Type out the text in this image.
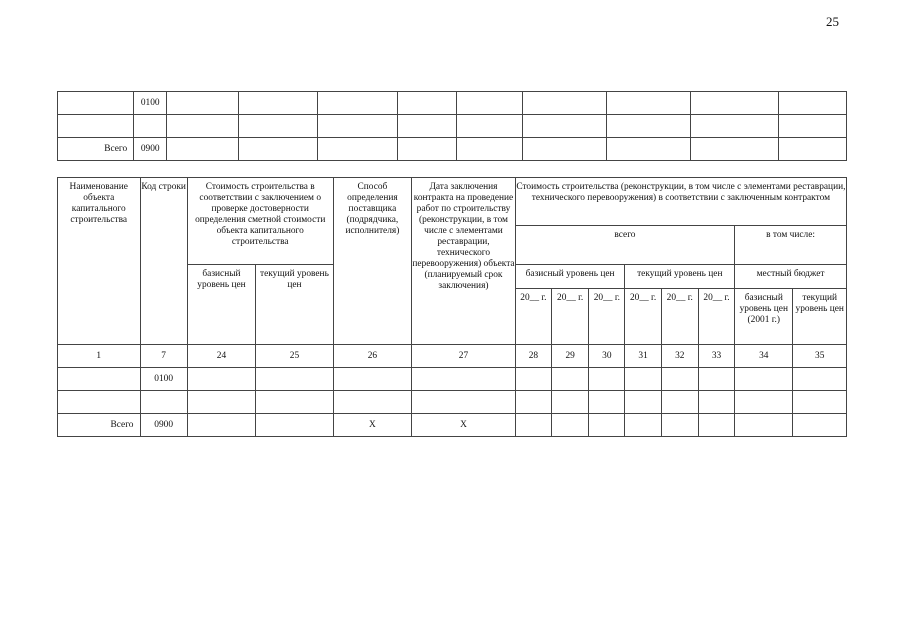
25
	0100									

Всего	0900									
Наименование объекта капитального строительства	Код строки	Стоимость строительства в соответствии с заключением о проверке достоверности определения сметной стоимости объекта капитального строительства		Способ определения поставщика (подрядчика, исполнителя)	Дата заключения контракта на проведение работ по строительству (реконструкции, в том числе с элементами реставрации, технического перевооружения) объекта (планируемый срок заключения)	Стоимость строительства (реконструкции, в том числе с элементами реставрации, технического перевооружения) в соответствии с заключенным контрактом							
						всего						в том числе:	
		базисный уровень цен	текущий уровень цен			базисный уровень цен			текущий уровень цен			местный бюджет	
						20__ г.	20__ г.	20__ г.	20__ г.	20__ г.	20__ г.	базисный уровень цен (2001 г.)	текущий уровень цен
1	7	24	25	26	27	28	29	30	31	32	33	34	35
	0100												

Всего	0900			Х	Х								
